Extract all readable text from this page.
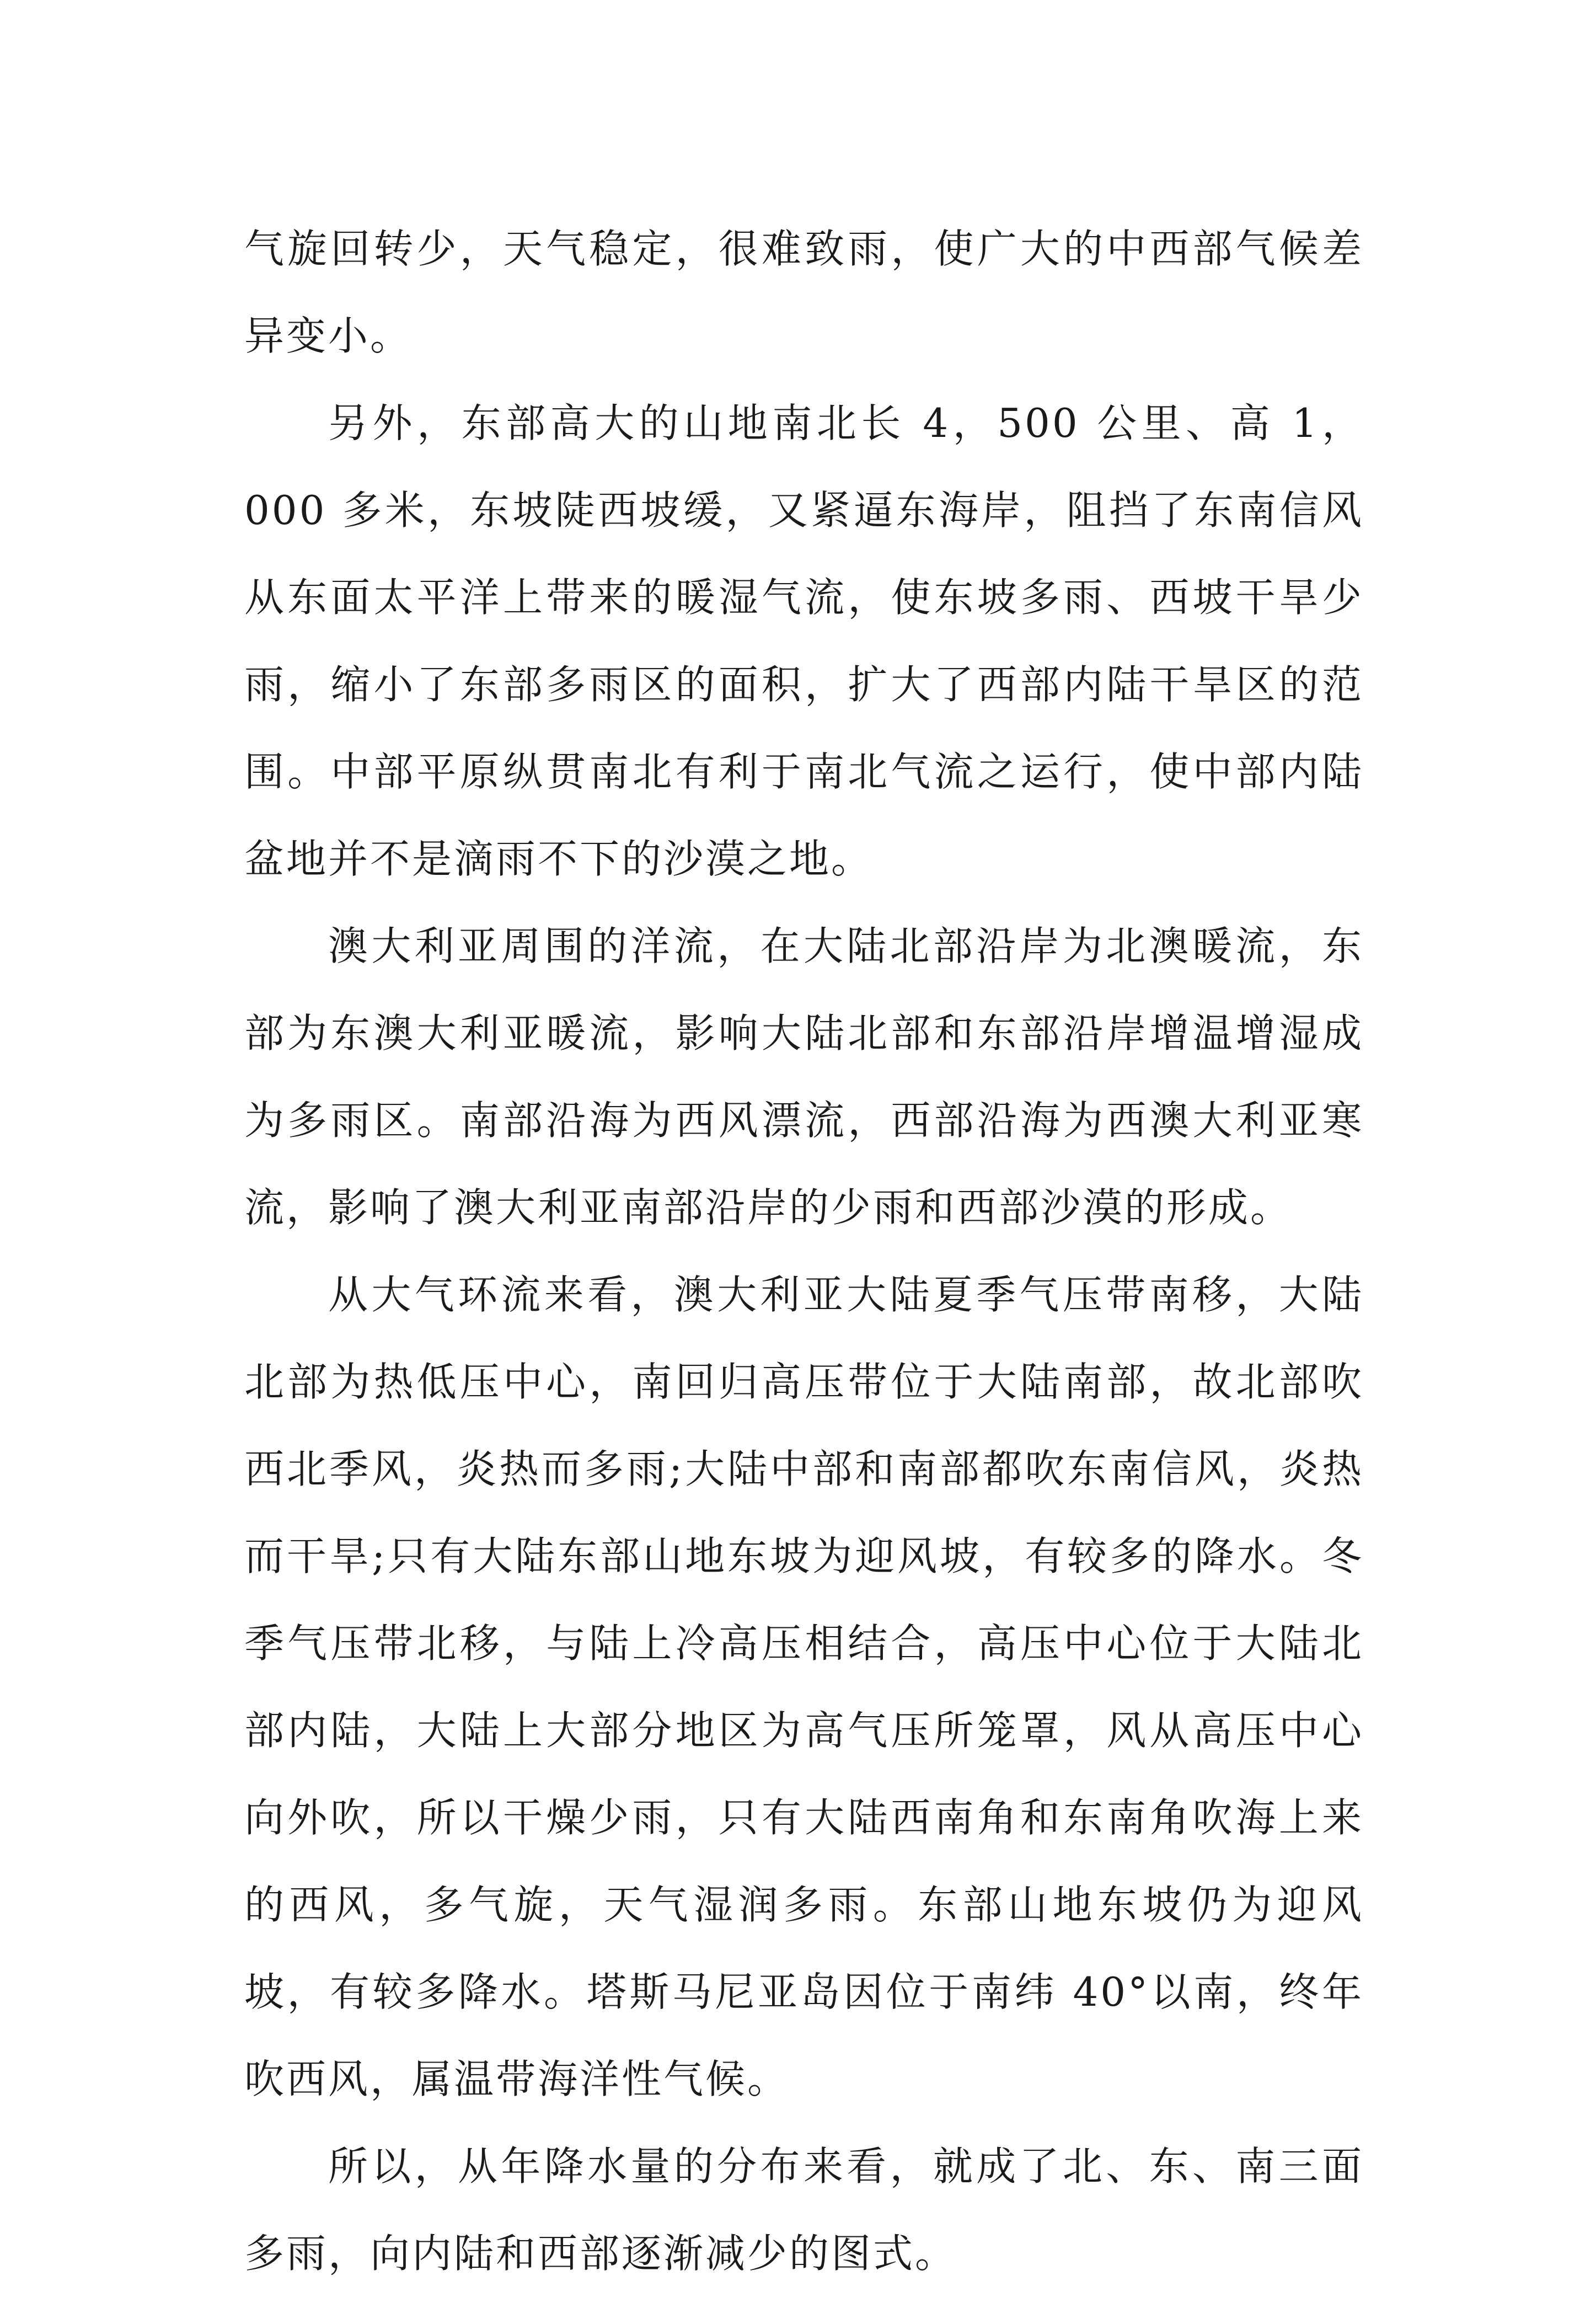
气旋回转少，天气稳定，很难致雨，使广大的中西部气候差异变小。

另外，东部高大的山地南北长 4，500 公里、高 1，000 多米，东坡陡西坡缓，又紧逼东海岸，阻挡了东南信风从东面太平洋上带来的暖湿气流，使东坡多雨、西坡干旱少雨，缩小了东部多雨区的面积，扩大了西部内陆干旱区的范围。中部平原纵贯南北有利于南北气流之运行，使中部内陆盆地并不是滴雨不下的沙漠之地。

澳大利亚周围的洋流，在大陆北部沿岸为北澳暖流，东部为东澳大利亚暖流，影响大陆北部和东部沿岸增温增湿成为多雨区。南部沿海为西风漂流，西部沿海为西澳大利亚寒流，影响了澳大利亚南部沿岸的少雨和西部沙漠的形成。

从大气环流来看，澳大利亚大陆夏季气压带南移，大陆北部为热低压中心，南回归高压带位于大陆南部，故北部吹西北季风，炎热而多雨;大陆中部和南部都吹东南信风，炎热而干旱;只有大陆东部山地东坡为迎风坡，有较多的降水。冬季气压带北移，与陆上冷高压相结合，高压中心位于大陆北部内陆，大陆上大部分地区为高气压所笼罩，风从高压中心向外吹，所以干燥少雨，只有大陆西南角和东南角吹海上来的西风，多气旋，天气湿润多雨。东部山地东坡仍为迎风坡，有较多降水。塔斯马尼亚岛因位于南纬 40°以南，终年吹西风，属温带海洋性气候。

所以，从年降水量的分布来看，就成了北、东、南三面多雨，向内陆和西部逐渐减少的图式。
